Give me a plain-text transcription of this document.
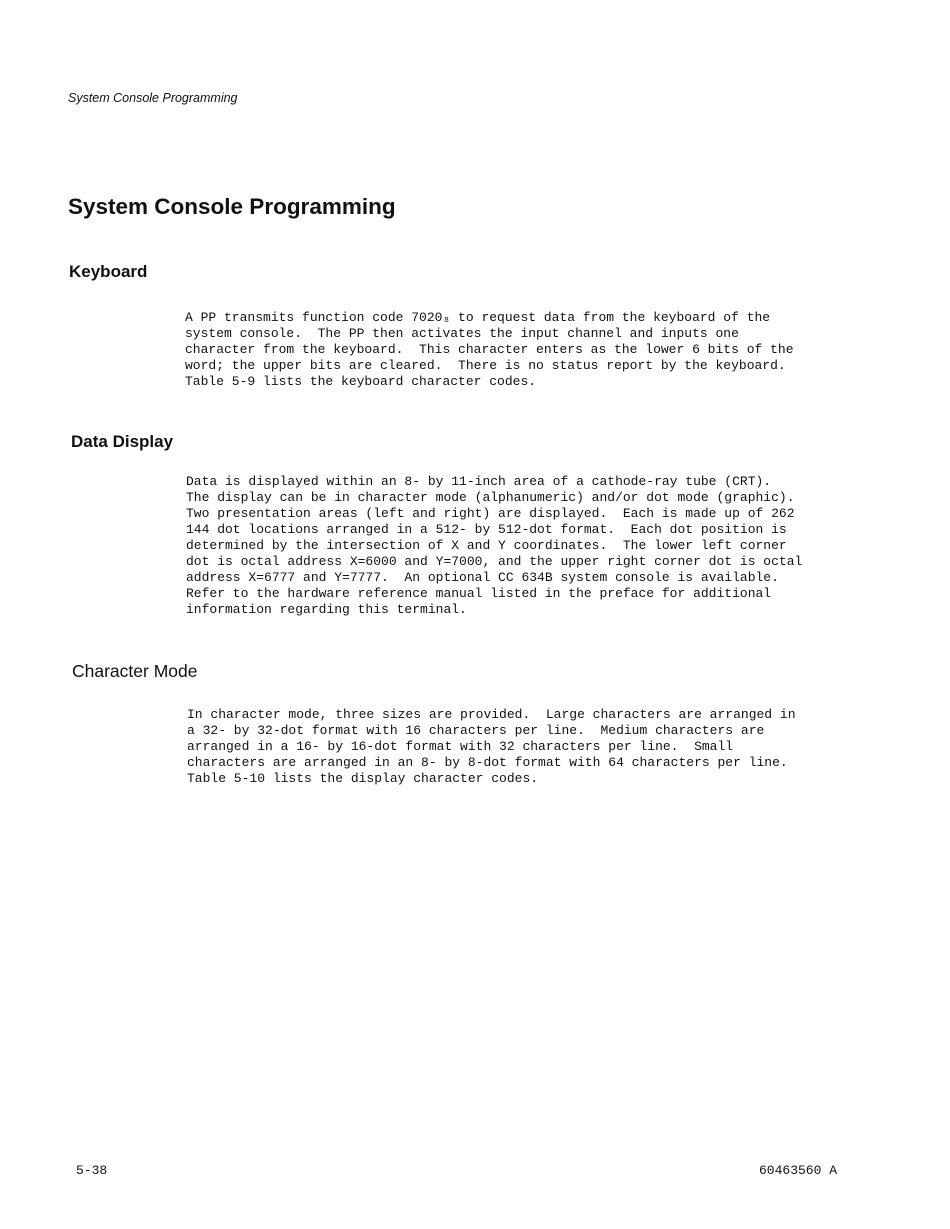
System Console Programming
System Console Programming
Keyboard

A PP transmits function code 7020₈ to request data from the keyboard of the
system console.  The PP then activates the input channel and inputs one
character from the keyboard.  This character enters as the lower 6 bits of the
word; the upper bits are cleared.  There is no status report by the keyboard.
Table 5-9 lists the keyboard character codes.

Data Display

Data is displayed within an 8- by 11-inch area of a cathode-ray tube (CRT).
The display can be in character mode (alphanumeric) and/or dot mode (graphic).
Two presentation areas (left and right) are displayed.  Each is made up of 262
144 dot locations arranged in a 512- by 512-dot format.  Each dot position is
determined by the intersection of X and Y coordinates.  The lower left corner
dot is octal address X=6000 and Y=7000, and the upper right corner dot is octal
address X=6777 and Y=7777.  An optional CC 634B system console is available.
Refer to the hardware reference manual listed in the preface for additional
information regarding this terminal.

Character Mode

In character mode, three sizes are provided.  Large characters are arranged in
a 32- by 32-dot format with 16 characters per line.  Medium characters are
arranged in a 16- by 16-dot format with 32 characters per line.  Small
characters are arranged in an 8- by 8-dot format with 64 characters per line.
Table 5-10 lists the display character codes.

5-38	60463560 A
